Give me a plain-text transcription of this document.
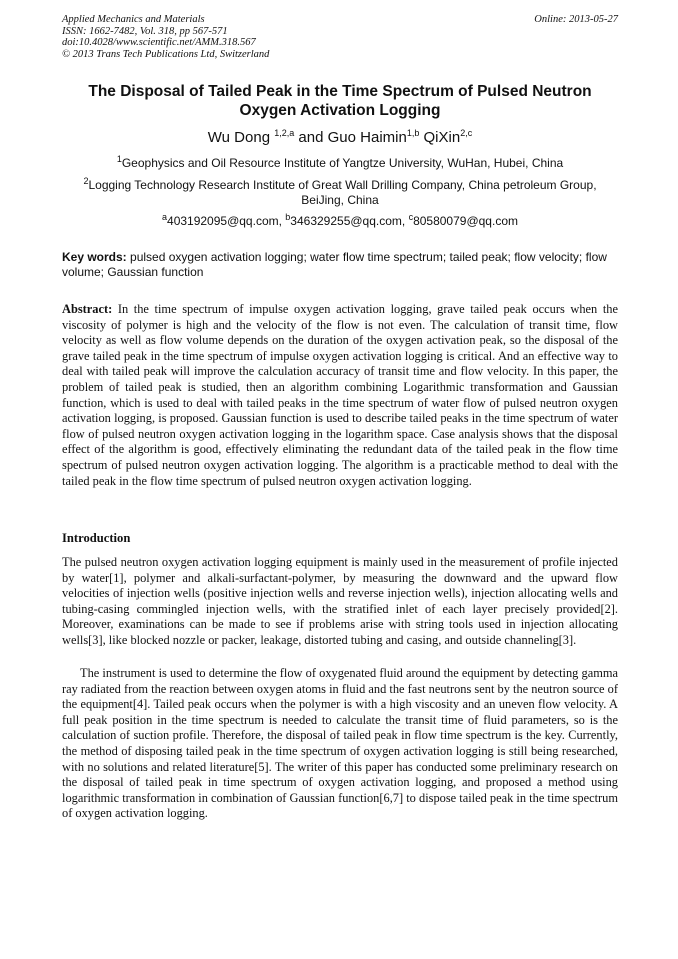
Applied Mechanics and Materials
ISSN: 1662-7482, Vol. 318, pp 567-571
doi:10.4028/www.scientific.net/AMM.318.567
© 2013 Trans Tech Publications Ltd, Switzerland
Online: 2013-05-27
The Disposal of Tailed Peak in the Time Spectrum of Pulsed Neutron Oxygen Activation Logging
Wu Dong $^{1,2,a}$ and Guo Haimin$^{1,b}$ QiXin$^{2,c}$
$^1$Geophysics and Oil Resource Institute of Yangtze University, WuHan, Hubei, China
$^2$Logging Technology Research Institute of Great Wall Drilling Company, China petroleum Group, BeiJing, China
$^a$403192095@qq.com, $^b$346329255@qq.com, $^c$80580079@qq.com
Key words: pulsed oxygen activation logging; water flow time spectrum; tailed peak; flow velocity; flow volume; Gaussian function
Abstract: In the time spectrum of impulse oxygen activation logging, grave tailed peak occurs when the viscosity of polymer is high and the velocity of the flow is not even. The calculation of transit time, flow velocity as well as flow volume depends on the duration of the oxygen activation peak, so the disposal of the grave tailed peak in the time spectrum of impulse oxygen activation logging is critical. And an effective way to deal with tailed peak will improve the calculation accuracy of transit time and flow velocity. In this paper, the problem of tailed peak is studied, then an algorithm combining Logarithmic transformation and Gaussian function, which is used to deal with tailed peaks in the time spectrum of water flow of pulsed neutron oxygen activation logging, is proposed. Gaussian function is used to describe tailed peaks in the time spectrum of water flow of pulsed neutron oxygen activation logging in the logarithm space. Case analysis shows that the disposal effect of the algorithm is good, effectively eliminating the redundant data of the tailed peak in the flow time spectrum of pulsed neutron oxygen activation logging. The algorithm is a practicable method to deal with the tailed peak in the flow time spectrum of pulsed neutron oxygen activation logging.
Introduction
The pulsed neutron oxygen activation logging equipment is mainly used in the measurement of profile injected by water[1], polymer and alkali-surfactant-polymer, by measuring the downward and the upward flow velocities of injection wells (positive injection wells and reverse injection wells), injection allocating wells and tubing-casing commingled injection wells, with the stratified inlet of each layer precisely provided[2]. Moreover, examinations can be made to see if problems arise with string tools used in injection allocating wells[3], like blocked nozzle or packer, leakage, distorted tubing and casing, and outside channeling[3].
The instrument is used to determine the flow of oxygenated fluid around the equipment by detecting gamma ray radiated from the reaction between oxygen atoms in fluid and the fast neutrons sent by the neutron source of the equipment[4]. Tailed peak occurs when the polymer is with a high viscosity and an uneven flow velocity. A full peak position in the time spectrum is needed to calculate the transit time of fluid parameters, so is the calculation of suction profile. Therefore, the disposal of tailed peak in flow time spectrum is the key. Currently, the method of disposing tailed peak in the time spectrum of oxygen activation logging is still being researched, with no solutions and related literature[5]. The writer of this paper has conducted some preliminary research on the disposal of tailed peak in time spectrum of oxygen activation logging, and proposed a method using logarithmic transformation in combination of Gaussian function[6,7] to dispose tailed peak in the time spectrum of oxygen activation logging.
